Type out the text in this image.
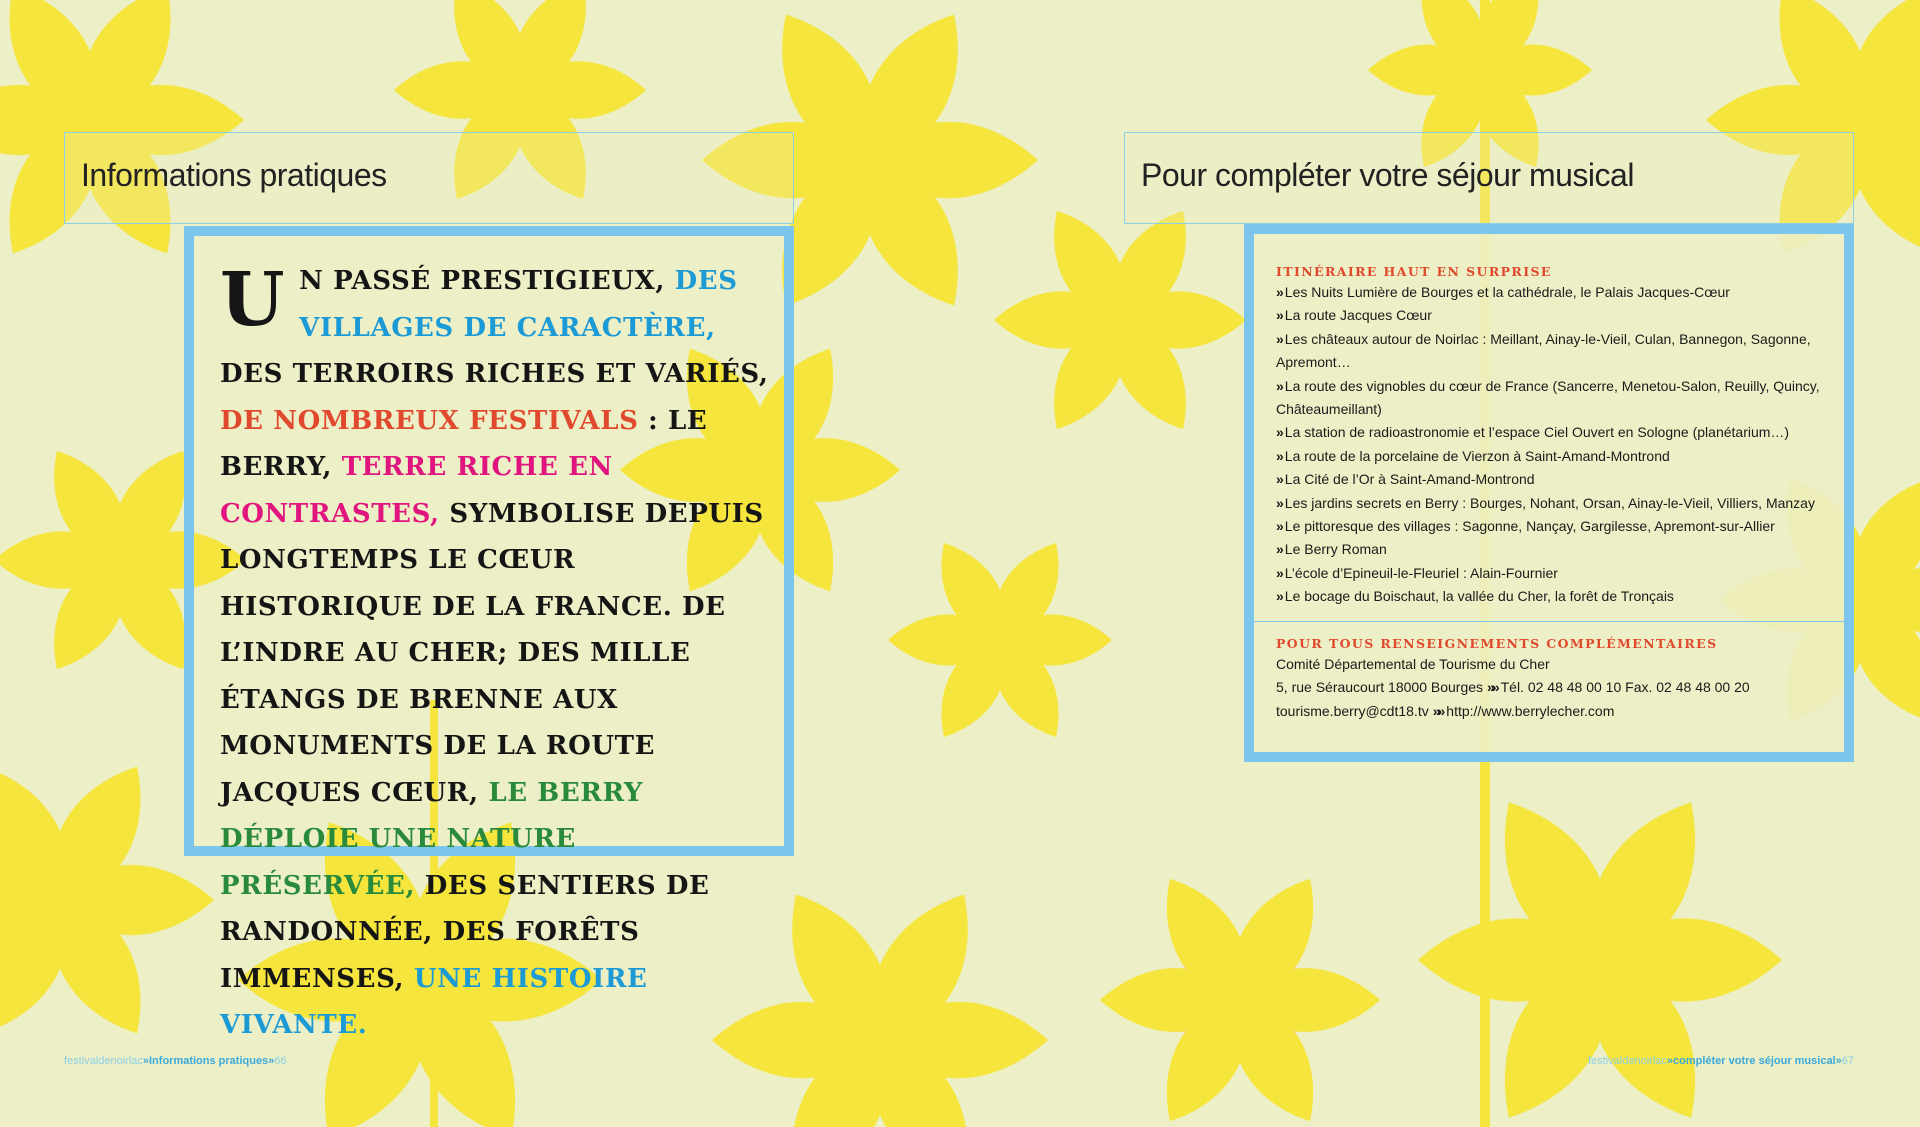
Informations pratiques

UN PASSÉ PRESTIGIEUX, DES VILLAGES DE CARACTÈRE, DES TERROIRS RICHES ET VARIÉS, DE NOMBREUX FESTIVALS : LE BERRY, TERRE RICHE EN CONTRASTES, SYMBOLISE DEPUIS LONGTEMPS LE CŒUR HISTORIQUE DE LA FRANCE. DE L’INDRE AU CHER; DES MILLE ÉTANGS DE BRENNE AUX MONUMENTS DE LA ROUTE JACQUES CŒUR, LE BERRY DÉPLOIE UNE NATURE PRÉSERVÉE, DES SENTIERS DE RANDONNÉE, DES FORÊTS IMMENSES, UNE HISTOIRE VIVANTE.

festivaldenoirlac»Informations pratiques»66
Pour compléter votre séjour musical
ITINÉRAIRE HAUT EN SURPRISE
» Les Nuits Lumière de Bourges et la cathédrale, le Palais Jacques-Cœur
» La route Jacques Cœur
» Les châteaux autour de Noirlac : Meillant, Ainay-le-Vieil, Culan, Bannegon, Sagonne, Apremont…
» La route des vignobles du cœur de France (Sancerre, Menetou-Salon, Reuilly, Quincy, Châteaumeillant)
» La station de radioastronomie et l’espace Ciel Ouvert en Sologne (planétarium…)
» La route de la porcelaine de Vierzon à Saint-Amand-Montrond
» La Cité de l’Or à Saint-Amand-Montrond
» Les jardins secrets en Berry : Bourges, Nohant, Orsan, Ainay-le-Vieil, Villiers, Manzay
» Le pittoresque des villages : Sagonne, Nançay, Gargilesse, Apremont-sur-Allier
» Le Berry Roman
» L’école d’Epineuil-le-Fleuriel : Alain-Fournier
» Le bocage du Boischaut, la vallée du Cher, la forêt de Tronçais
POUR TOUS RENSEIGNEMENTS COMPLÉMENTAIRES
Comité Départemental de Tourisme du Cher
5, rue Séraucourt 18000 Bourges »» Tél. 02 48 48 00 10 Fax. 02 48 48 00 20
tourisme.berry@cdt18.tv »» http://www.berrylecher.com
festivaldenoirlac»compléter votre séjour musical»67
